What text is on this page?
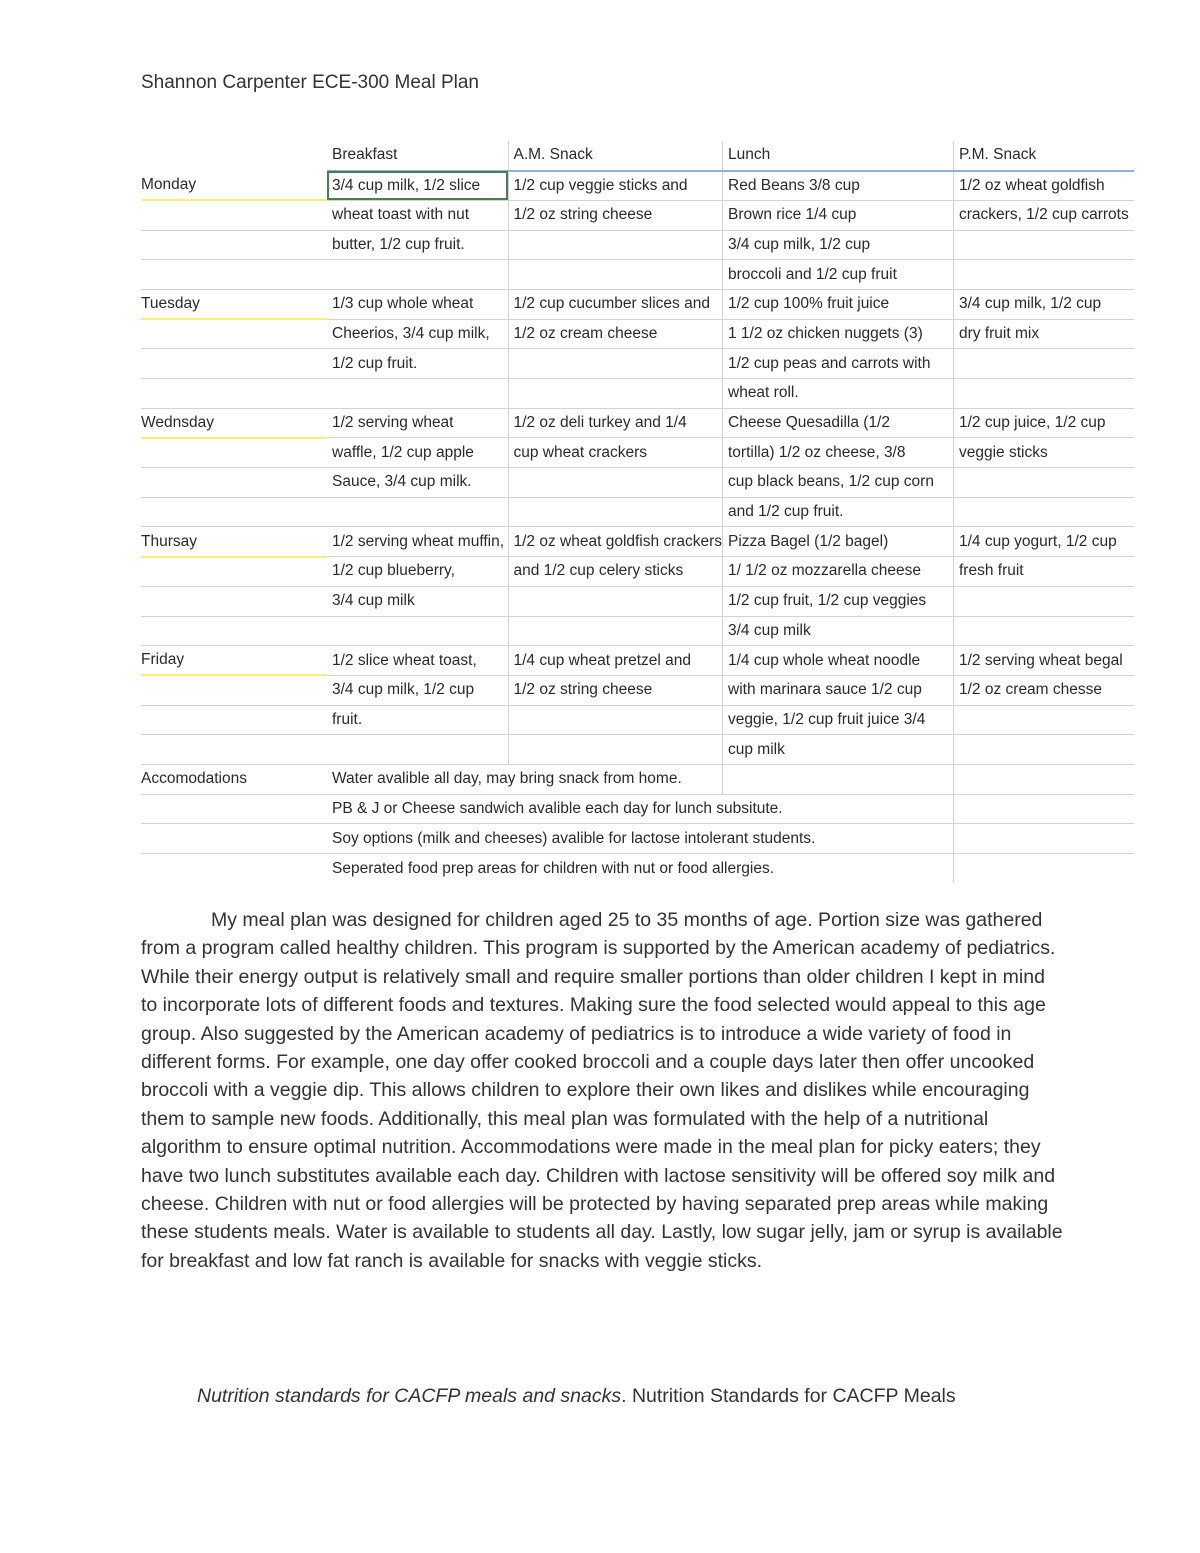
Shannon Carpenter ECE-300 Meal Plan
	Breakfast	A.M. Snack	Lunch	P.M. Snack
Monday	3/4 cup milk, 1/2 slice	1/2 cup veggie sticks and	Red Beans 3/8 cup	1/2 oz wheat goldfish
	wheat toast with nut	1/2 oz string cheese	Brown rice 1/4 cup	crackers, 1/2 cup carrots
	butter, 1/2 cup fruit.		3/4 cup milk, 1/2 cup	
			broccoli and 1/2 cup fruit	
Tuesday	1/3 cup whole wheat	1/2 cup cucumber slices and	1/2 cup 100% fruit juice	3/4 cup milk, 1/2 cup
	Cheerios, 3/4 cup milk,	1/2 oz cream cheese	1 1/2 oz chicken nuggets (3)	dry fruit mix
	1/2 cup fruit.		1/2 cup peas and carrots with	
			wheat roll.	
Wednsday	1/2 serving wheat	1/2 oz deli turkey and 1/4	Cheese Quesadilla (1/2	1/2 cup juice, 1/2 cup
	waffle, 1/2 cup apple	cup wheat crackers	tortilla) 1/2 oz cheese, 3/8	veggie sticks
	Sauce, 3/4 cup milk.		cup black beans, 1/2 cup corn	
			and 1/2 cup fruit.	
Thursay	1/2 serving wheat muffin,	1/2 oz wheat goldfish crackers	Pizza Bagel (1/2 bagel)	1/4 cup yogurt, 1/2 cup
	1/2 cup blueberry,	and 1/2 cup celery sticks	1/ 1/2 oz mozzarella cheese	fresh fruit
	3/4 cup milk		1/2 cup fruit, 1/2 cup veggies	
			3/4 cup milk	
Friday	1/2 slice wheat toast,	1/4 cup wheat pretzel and	1/4 cup whole wheat noodle	1/2 serving wheat begal
	3/4 cup milk, 1/2 cup	1/2 oz string cheese	with marinara sauce 1/2 cup	1/2 oz cream chesse
	fruit.		veggie, 1/2 cup fruit juice 3/4	
			cup milk	
Accomodations	Water avalible all day, may bring snack from home.			
	PB & J or Cheese sandwich avalible each day for lunch subsitute.			
	Soy options (milk and cheeses) avalible for lactose intolerant students.			
	Seperated food prep areas for children with nut or food allergies.			

My meal plan was designed for children aged 25 to 35 months of age. Portion size was gathered from a program called healthy children. This program is supported by the American academy of pediatrics. While their energy output is relatively small and require smaller portions than older children I kept in mind to incorporate lots of different foods and textures. Making sure the food selected would appeal to this age group. Also suggested by the American academy of pediatrics is to introduce a wide variety of food in different forms. For example, one day offer cooked broccoli and a couple days later then offer uncooked broccoli with a veggie dip. This allows children to explore their own likes and dislikes while encouraging them to sample new foods. Additionally, this meal plan was formulated with the help of a nutritional algorithm to ensure optimal nutrition. Accommodations were made in the meal plan for picky eaters; they have two lunch substitutes available each day. Children with lactose sensitivity will be offered soy milk and cheese. Children with nut or food allergies will be protected by having separated prep areas while making these students meals. Water is available to students all day. Lastly, low sugar jelly, jam or syrup is available for breakfast and low fat ranch is available for snacks with veggie sticks.

Nutrition standards for CACFP meals and snacks. Nutrition Standards for CACFP Meals
